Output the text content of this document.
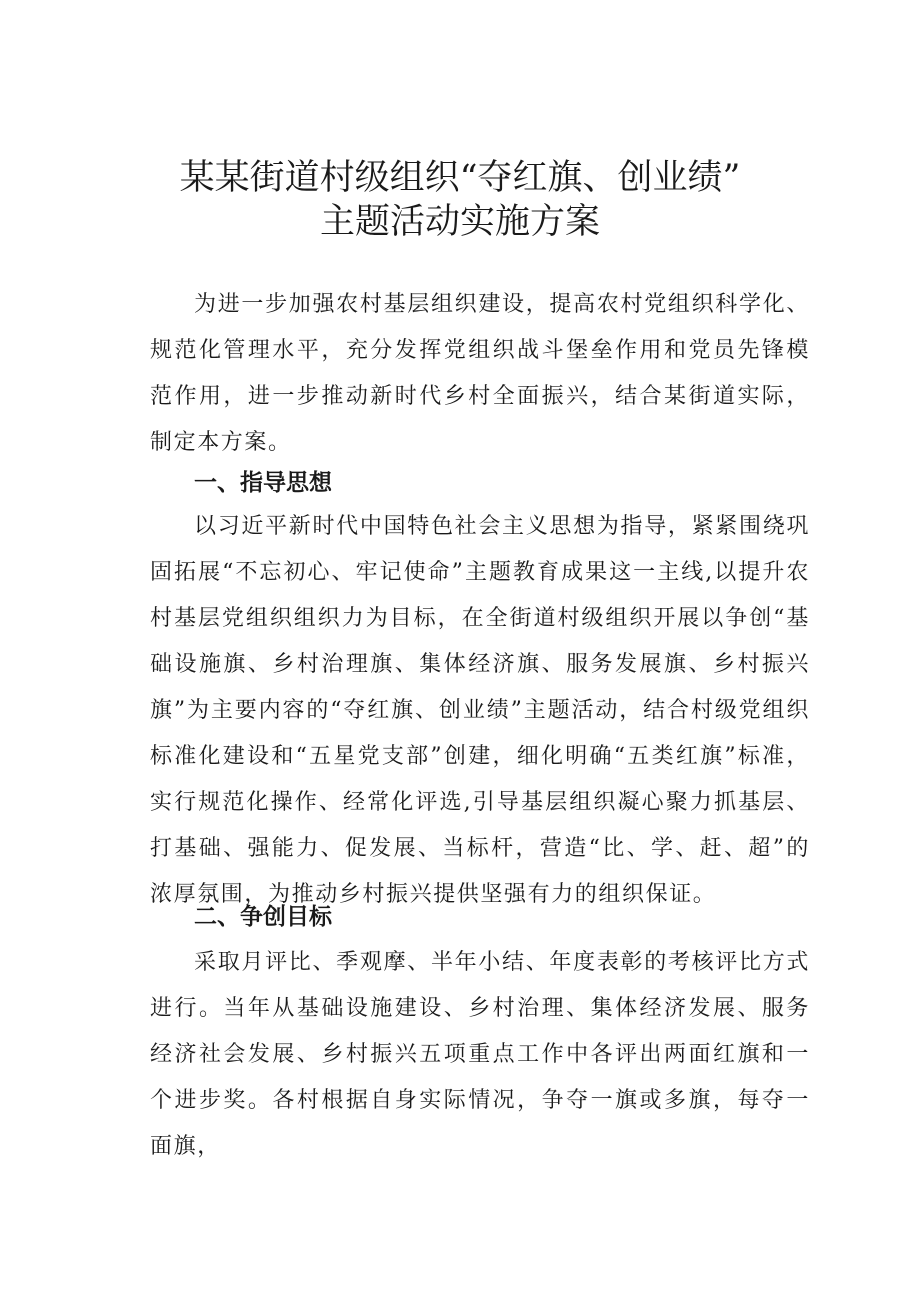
某某街道村级组织“夺红旗、创业绩”
主题活动实施方案

为进一步加强农村基层组织建设，提高农村党组织科学化、规范化管理水平，充分发挥党组织战斗堡垒作用和党员先锋模范作用，进一步推动新时代乡村全面振兴，结合某街道实际，制定本方案。

一、指导思想

以习近平新时代中国特色社会主义思想为指导，紧紧围绕巩固拓展“不忘初心、牢记使命”主题教育成果这一主线,以提升农村基层党组织组织力为目标，在全街道村级组织开展以争创“基础设施旗、乡村治理旗、集体经济旗、服务发展旗、乡村振兴旗”为主要内容的“夺红旗、创业绩”主题活动，结合村级党组织标准化建设和“五星党支部”创建，细化明确“五类红旗”标准，实行规范化操作、经常化评选,引导基层组织凝心聚力抓基层、打基础、强能力、促发展、当标杆，营造“比、学、赶、超”的浓厚氛围，为推动乡村振兴提供坚强有力的组织保证。

二、争创目标

采取月评比、季观摩、半年小结、年度表彰的考核评比方式进行。当年从基础设施建设、乡村治理、集体经济发展、服务经济社会发展、乡村振兴五项重点工作中各评出两面红旗和一个进步奖。各村根据自身实际情况，争夺一旗或多旗，每夺一面旗，
